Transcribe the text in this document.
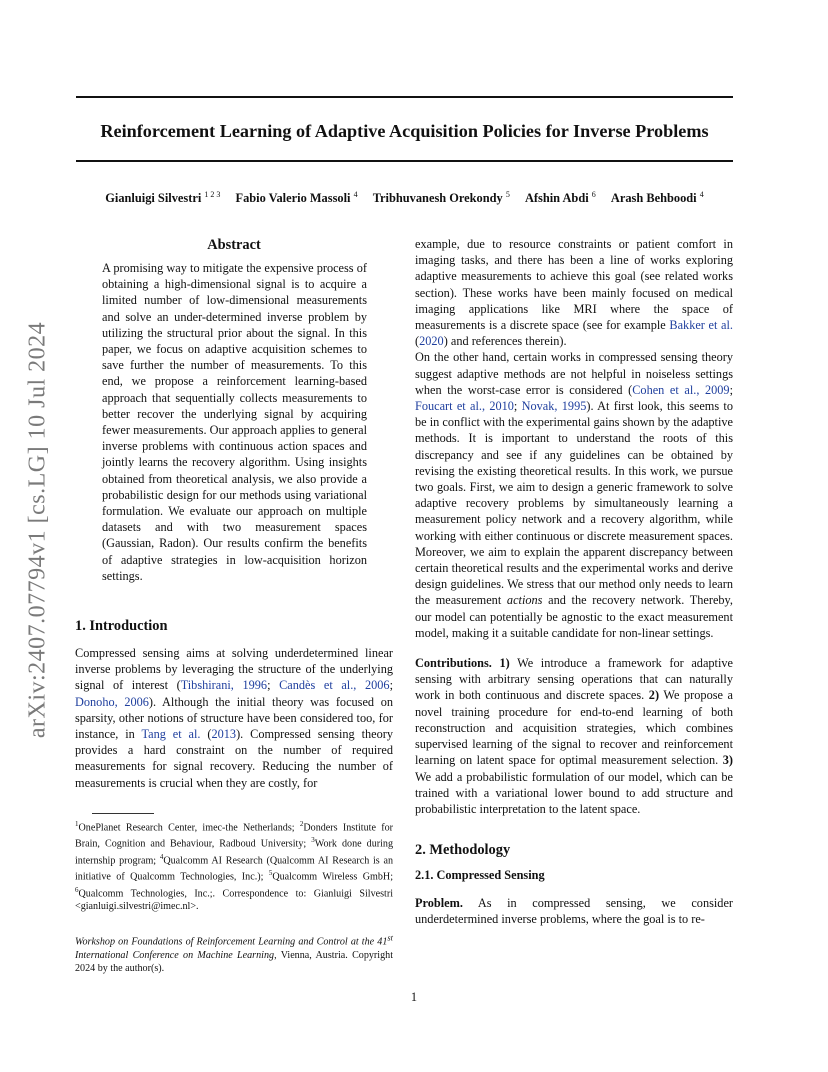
Reinforcement Learning of Adaptive Acquisition Policies for Inverse Problems
Gianluigi Silvestri $^{1 2 3}$ Fabio Valerio Massoli $^4$ Tribhuvanesh Orekondy $^5$ Afshin Abdi $^6$ Arash Behboodi $^4$
arXiv:2407.07794v1 [cs.LG] 10 Jul 2024
Abstract

A promising way to mitigate the expensive process of obtaining a high-dimensional signal is to acquire a limited number of low-dimensional measurements and solve an under-determined inverse problem by utilizing the structural prior about the signal. In this paper, we focus on adaptive acquisition schemes to save further the number of measurements. To this end, we propose a reinforcement learning-based approach that sequentially collects measurements to better recover the underlying signal by acquiring fewer measurements. Our approach applies to general inverse problems with continuous action spaces and jointly learns the recovery algorithm. Using insights obtained from theoretical analysis, we also provide a probabilistic design for our methods using variational formulation. We evaluate our approach on multiple datasets and with two measurement spaces (Gaussian, Radon). Our results confirm the benefits of adaptive strategies in low-acquisition horizon settings.

1. Introduction

Compressed sensing aims at solving underdetermined linear inverse problems by leveraging the structure of the underlying signal of interest (Tibshirani, 1996; Candès et al., 2006; Donoho, 2006). Although the initial theory was focused on sparsity, other notions of structure have been considered too, for instance, in Tang et al. (2013). Compressed sensing theory provides a hard constraint on the number of required measurements for signal recovery. Reducing the number of measurements is crucial when they are costly, for

$^1$OnePlanet Research Center, imec-the Netherlands; $^2$Donders Institute for Brain, Cognition and Behaviour, Radboud University; $^3$Work done during internship program; $^4$Qualcomm AI Research (Qualcomm AI Research is an initiative of Qualcomm Technologies, Inc.); $^5$Qualcomm Wireless GmbH; $^6$Qualcomm Technologies, Inc.;. Correspondence to: Gianluigi Silvestri <gianluigi.silvestri@imec.nl>.

Workshop on Foundations of Reinforcement Learning and Control at the 41st International Conference on Machine Learning, Vienna, Austria. Copyright 2024 by the author(s).

example, due to resource constraints or patient comfort in imaging tasks, and there has been a line of works exploring adaptive measurements to achieve this goal (see related works section). These works have been mainly focused on medical imaging applications like MRI where the space of measurements is a discrete space (see for example Bakker et al. (2020) and references therein).

On the other hand, certain works in compressed sensing theory suggest adaptive methods are not helpful in noiseless settings when the worst-case error is considered (Cohen et al., 2009; Foucart et al., 2010; Novak, 1995). At first look, this seems to be in conflict with the experimental gains shown by the adaptive methods. It is important to understand the roots of this discrepancy and see if any guidelines can be obtained by revising the existing theoretical results. In this work, we pursue two goals. First, we aim to design a generic framework to solve adaptive recovery problems by simultaneously learning a measurement policy network and a recovery algorithm, while working with either continuous or discrete measurement spaces. Moreover, we aim to explain the apparent discrepancy between certain theoretical results and the experimental works and derive design guidelines. We stress that our method only needs to learn the measurement actions and the recovery network. Thereby, our model can potentially be agnostic to the exact measurement model, making it a suitable candidate for non-linear settings.

Contributions. 1) We introduce a framework for adaptive sensing with arbitrary sensing operations that can naturally work in both continuous and discrete spaces. 2) We propose a novel training procedure for end-to-end learning of both reconstruction and acquisition strategies, which combines supervised learning of the signal to recover and reinforcement learning on latent space for optimal measurement selection. 3) We add a probabilistic formulation of our model, which can be trained with a variational lower bound to add structure and probabilistic interpretation to the latent space.

2. Methodology
2.1. Compressed Sensing

Problem. As in compressed sensing, we consider underdetermined inverse problems, where the goal is to re-

1
